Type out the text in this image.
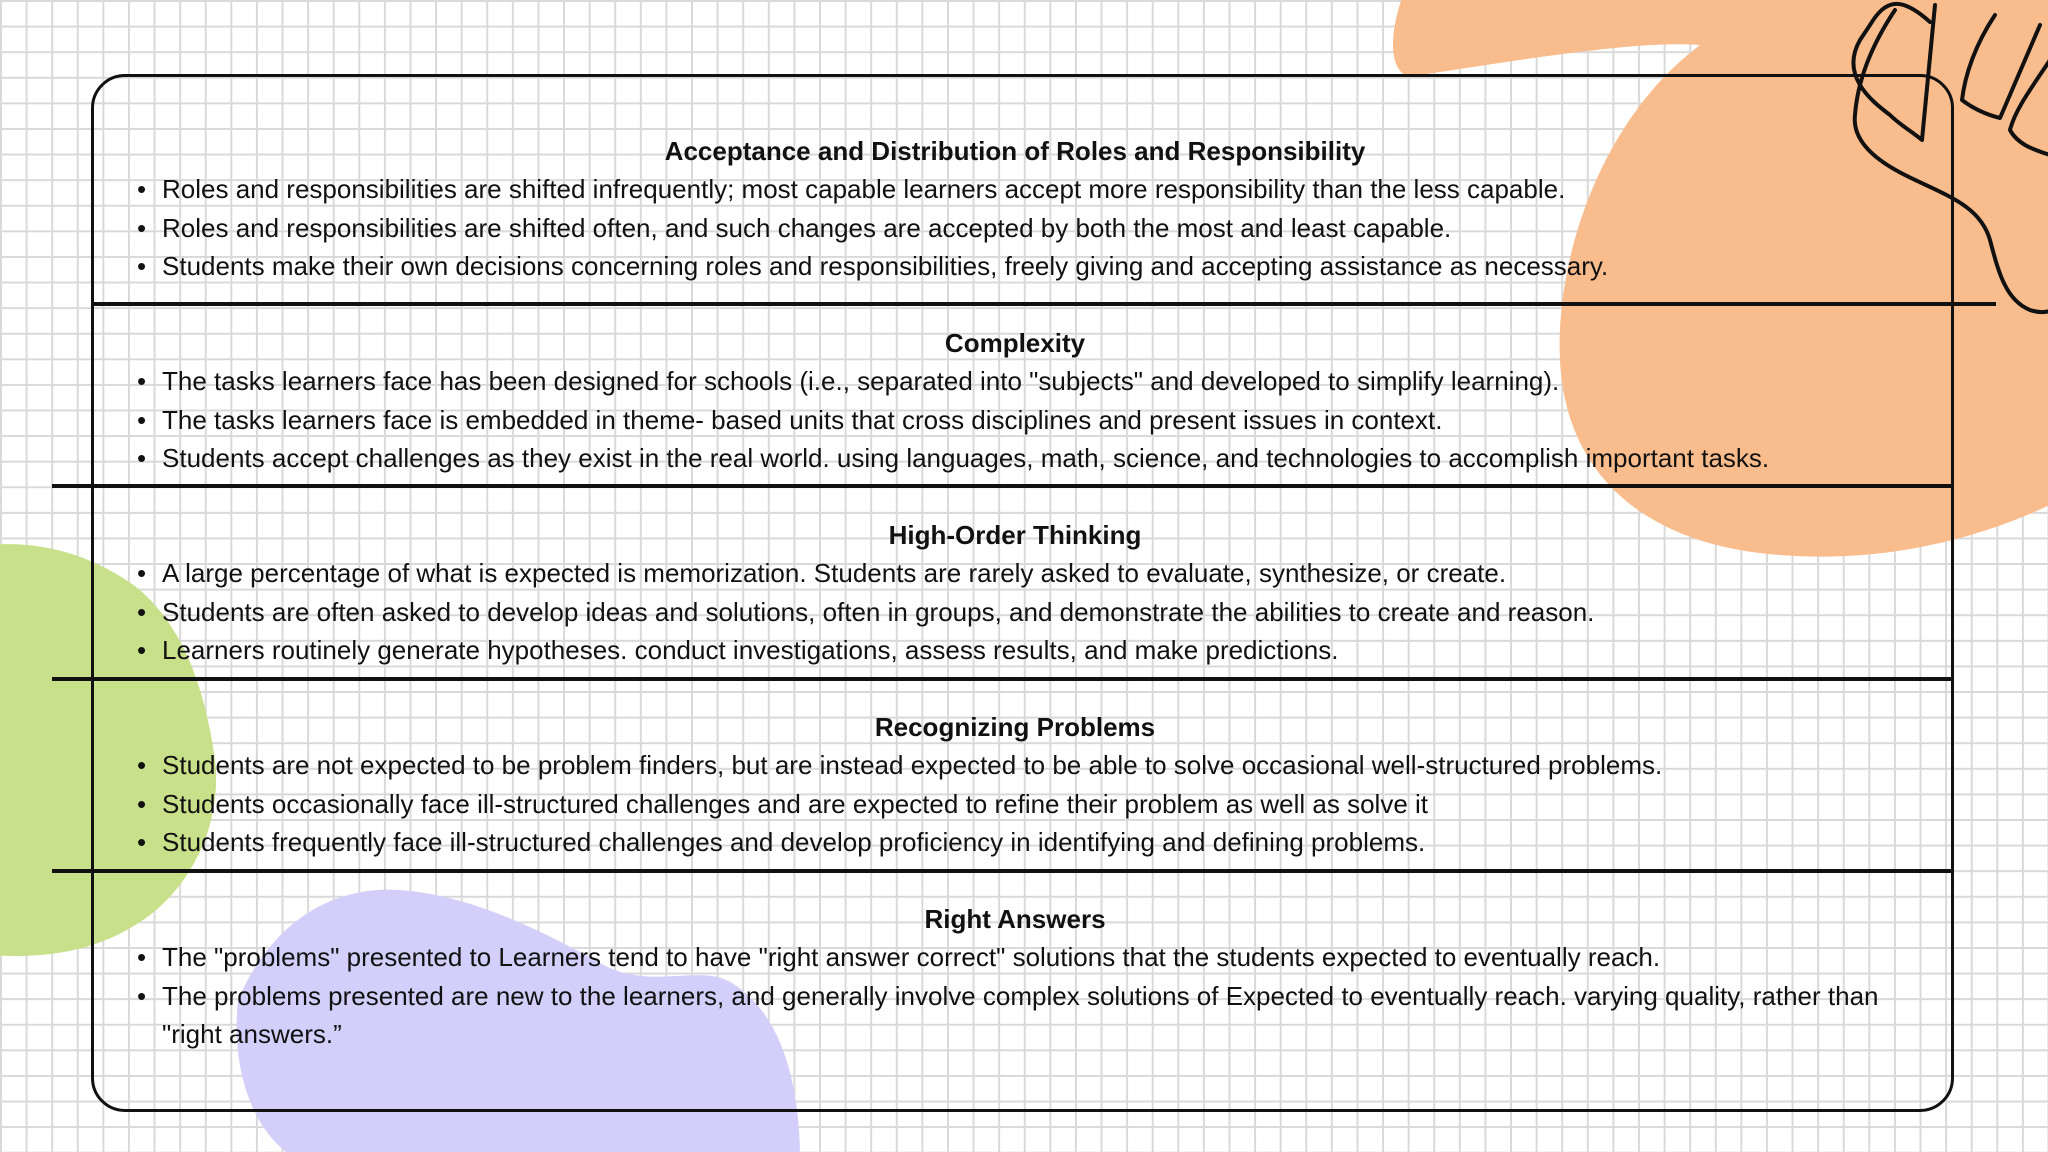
Acceptance and Distribution of Roles and Responsibility
• Roles and responsibilities are shifted infrequently; most capable learners accept more responsibility than the less capable.
• Roles and responsibilities are shifted often, and such changes are accepted by both the most and least capable.
• Students make their own decisions concerning roles and responsibilities, freely giving and accepting assistance as necessary.
Complexity
• The tasks learners face has been designed for schools (i.e., separated into "subjects" and developed to simplify learning).
• The tasks learners face is embedded in theme- based units that cross disciplines and present issues in context.
• Students accept challenges as they exist in the real world. using languages, math, science, and technologies to accomplish important tasks.
High-Order Thinking
• A large percentage of what is expected is memorization. Students are rarely asked to evaluate, synthesize, or create.
• Students are often asked to develop ideas and solutions, often in groups, and demonstrate the abilities to create and reason.
• Learners routinely generate hypotheses. conduct investigations, assess results, and make predictions.
Recognizing Problems
• Students are not expected to be problem finders, but are instead expected to be able to solve occasional well-structured problems.
• Students occasionally face ill-structured challenges and are expected to refine their problem as well as solve it
• Students frequently face ill-structured challenges and develop proficiency in identifying and defining problems.
Right Answers
• The "problems" presented to Learners tend to have "right answer correct" solutions that the students expected to eventually reach.
• The problems presented are new to the learners, and generally involve complex solutions of Expected to eventually reach. varying quality, rather than "right answers.”
